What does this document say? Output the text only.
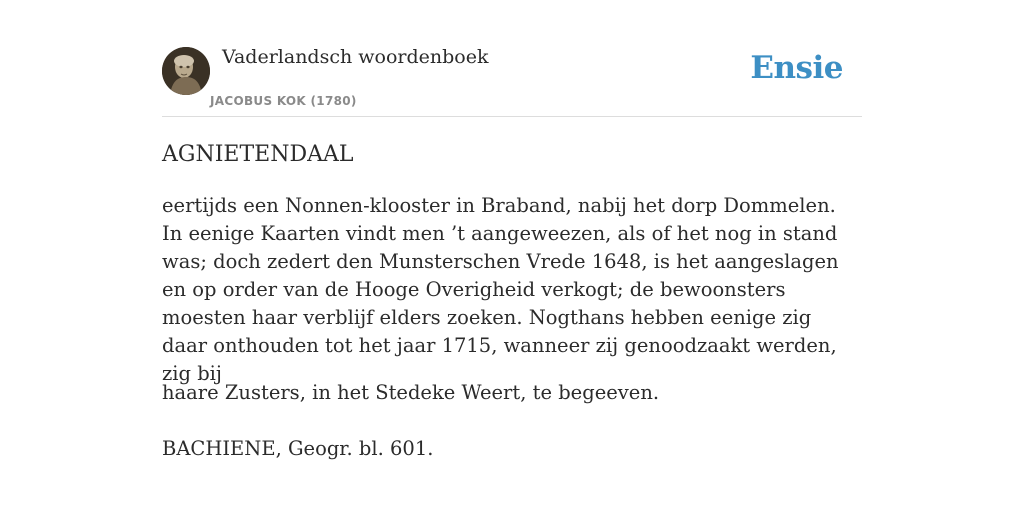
Vaderlandsch woordenboek
JACOBUS KOK (1780)
Ensie
AGNIETENDAAL

eertijds een Nonnen-klooster in Braband, nabij het dorp Dommelen. In eenige Kaarten vindt men ’t aangeweezen, als of het nog in stand was; doch zedert den Munsterschen Vrede 1648, is het aangeslagen en op order van de Hooge Overigheid verkogt; de bewoonsters moesten haar verblijf elders zoeken. Nogthans hebben eenige zig daar onthouden tot het jaar 1715, wanneer zij genoodzaakt werden, zig bij

haare Zusters, in het Stedeke Weert, te begeeven.

BACHIENE, Geogr. bl. 601.
